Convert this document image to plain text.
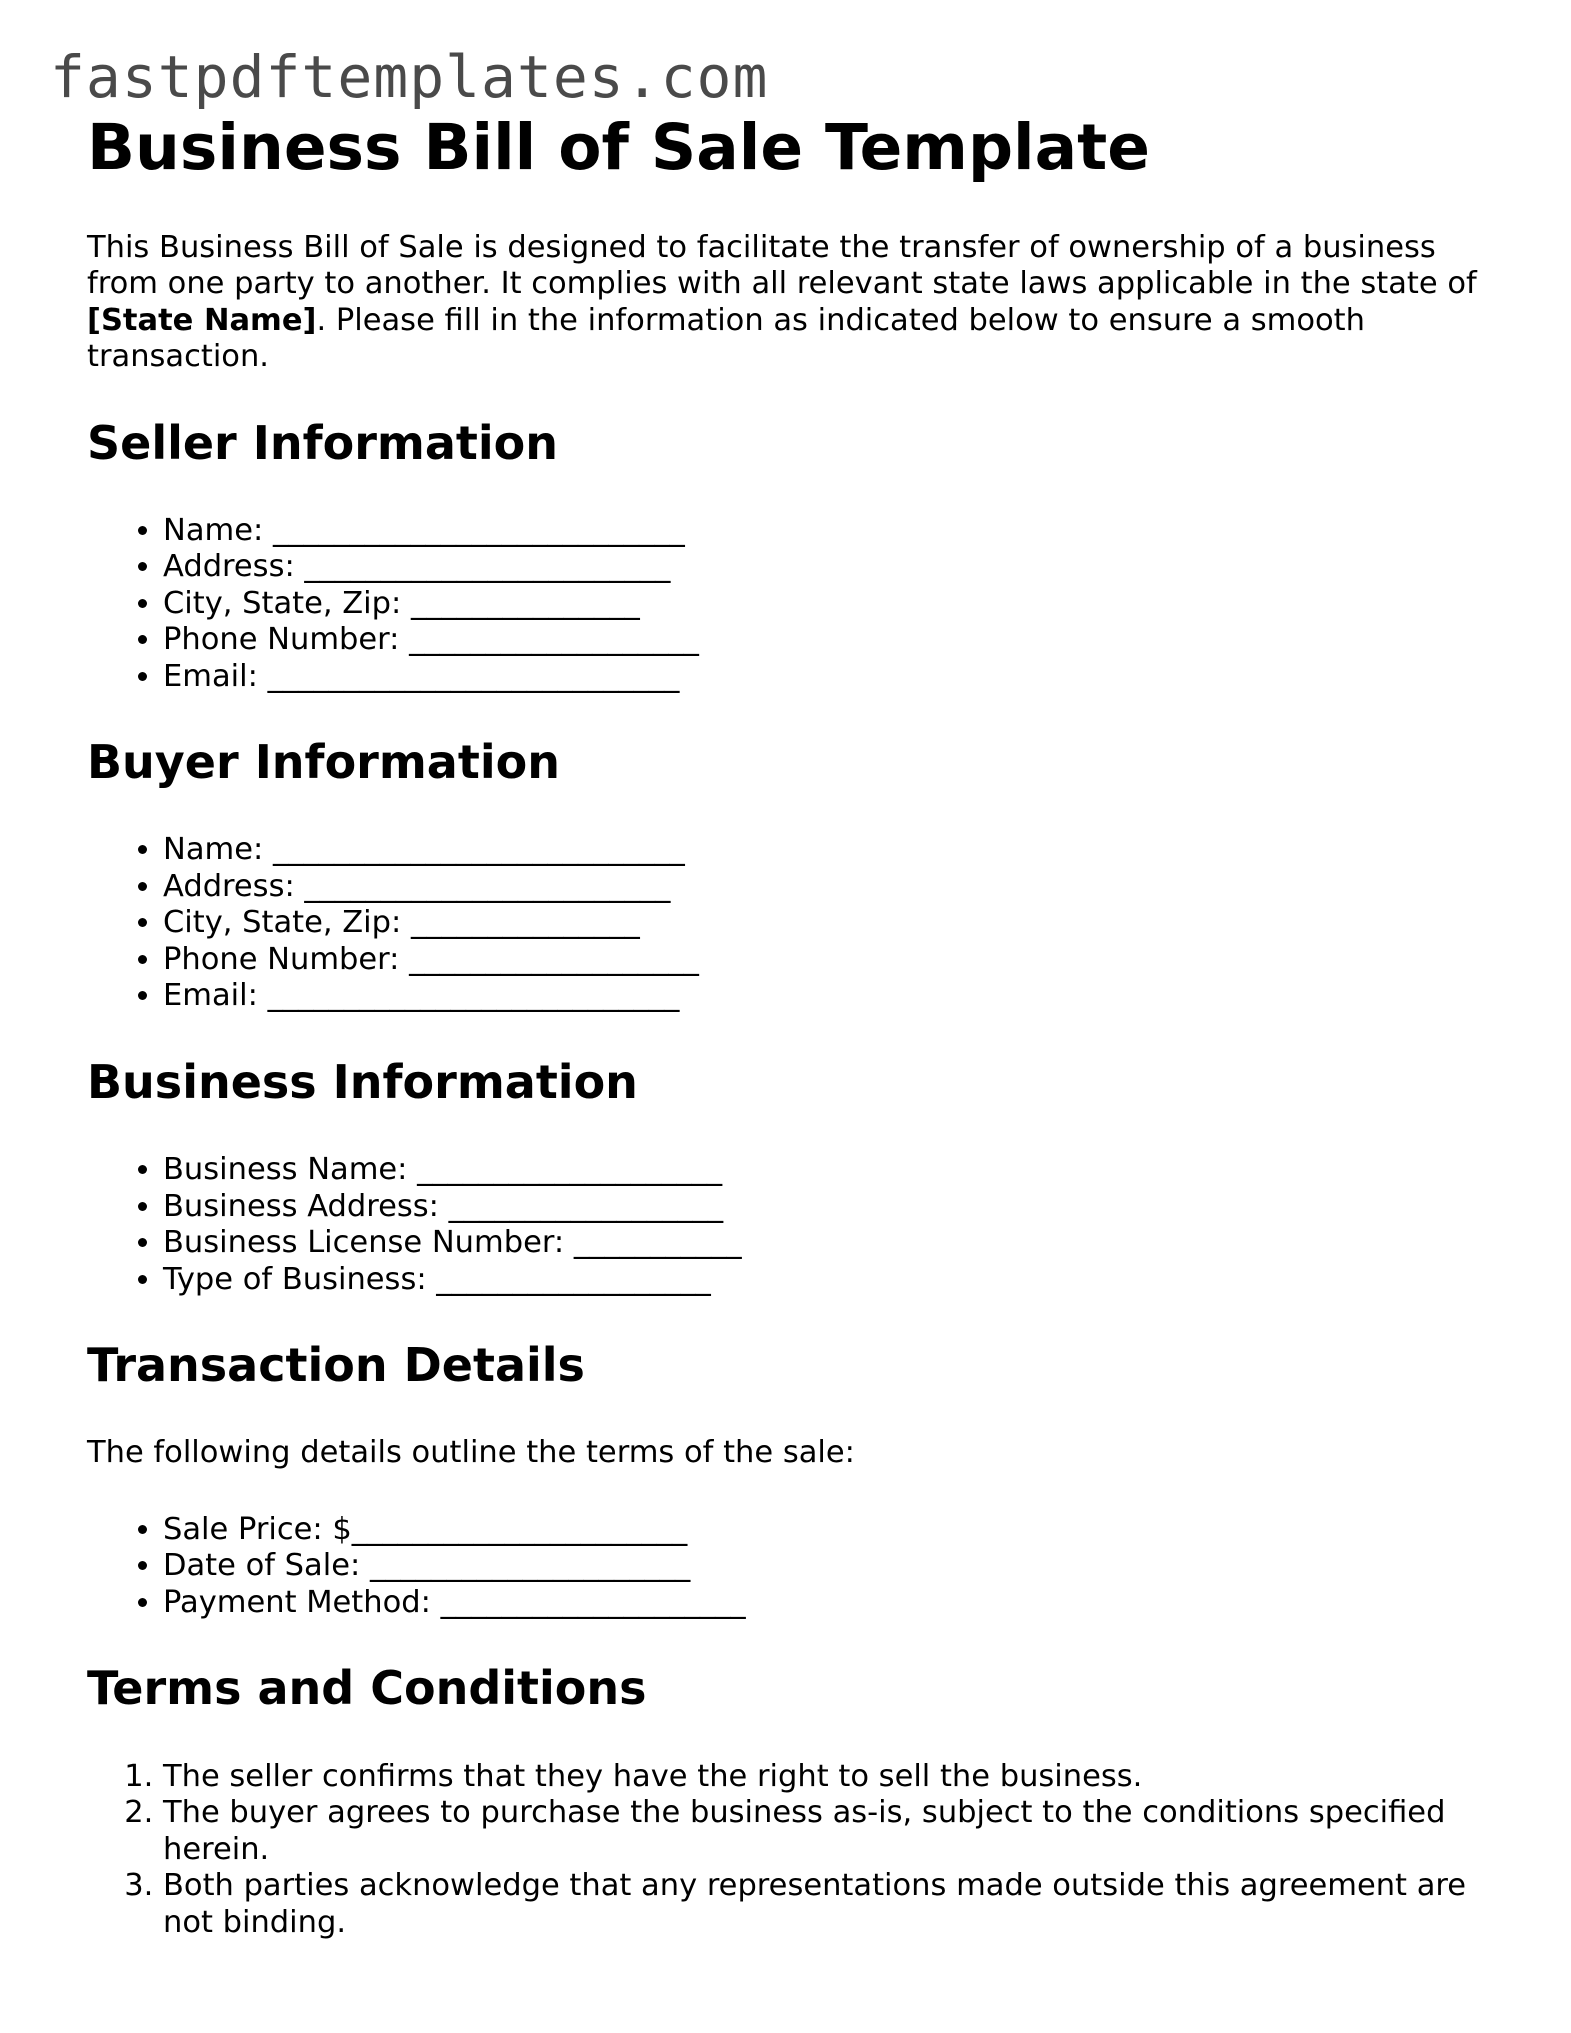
fastpdftemplates.com
Business Bill of Sale Template

This Business Bill of Sale is designed to facilitate the transfer of ownership of a business from one party to another. It complies with all relevant state laws applicable in the state of [State Name]. Please fill in the information as indicated below to ensure a smooth transaction.

Seller Information
• Name: ___________________________
• Address: ________________________
• City, State, Zip: _______________
• Phone Number: ___________________
• Email: ___________________________
Buyer Information
• Name: ___________________________
• Address: ________________________
• City, State, Zip: _______________
• Phone Number: ___________________
• Email: ___________________________
Business Information
• Business Name: ____________________
• Business Address: __________________
• Business License Number: ___________
• Type of Business: __________________
Transaction Details

The following details outline the terms of the sale:

• Sale Price: $______________________
• Date of Sale: _____________________
• Payment Method: ____________________
Terms and Conditions
1. The seller confirms that they have the right to sell the business.
2. The buyer agrees to purchase the business as-is, subject to the conditions specified herein.
3. Both parties acknowledge that any representations made outside this agreement are not binding.
